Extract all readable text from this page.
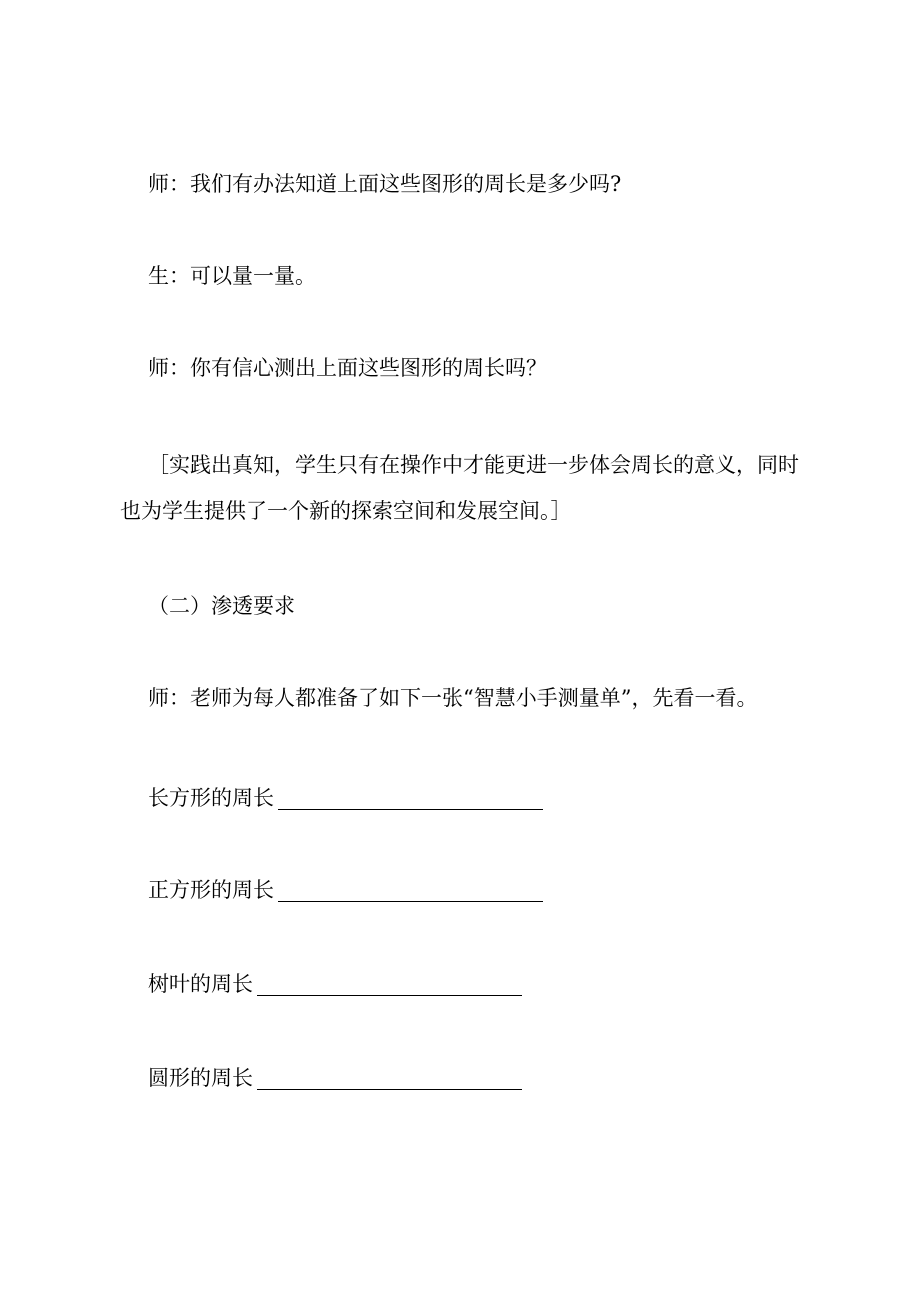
师：我们有办法知道上面这些图形的周长是多少吗?

生：可以量一量。

师：你有信心测出上面这些图形的周长吗？

［实践出真知，学生只有在操作中才能更进一步体会周长的意义，同时也为学生提供了一个新的探索空间和发展空间。］

（二）渗透要求

师：老师为每人都准备了如下一张“智慧小手测量单”，先看一看。

长方形的周长
正方形的周长
树叶的周长
圆形的周长
